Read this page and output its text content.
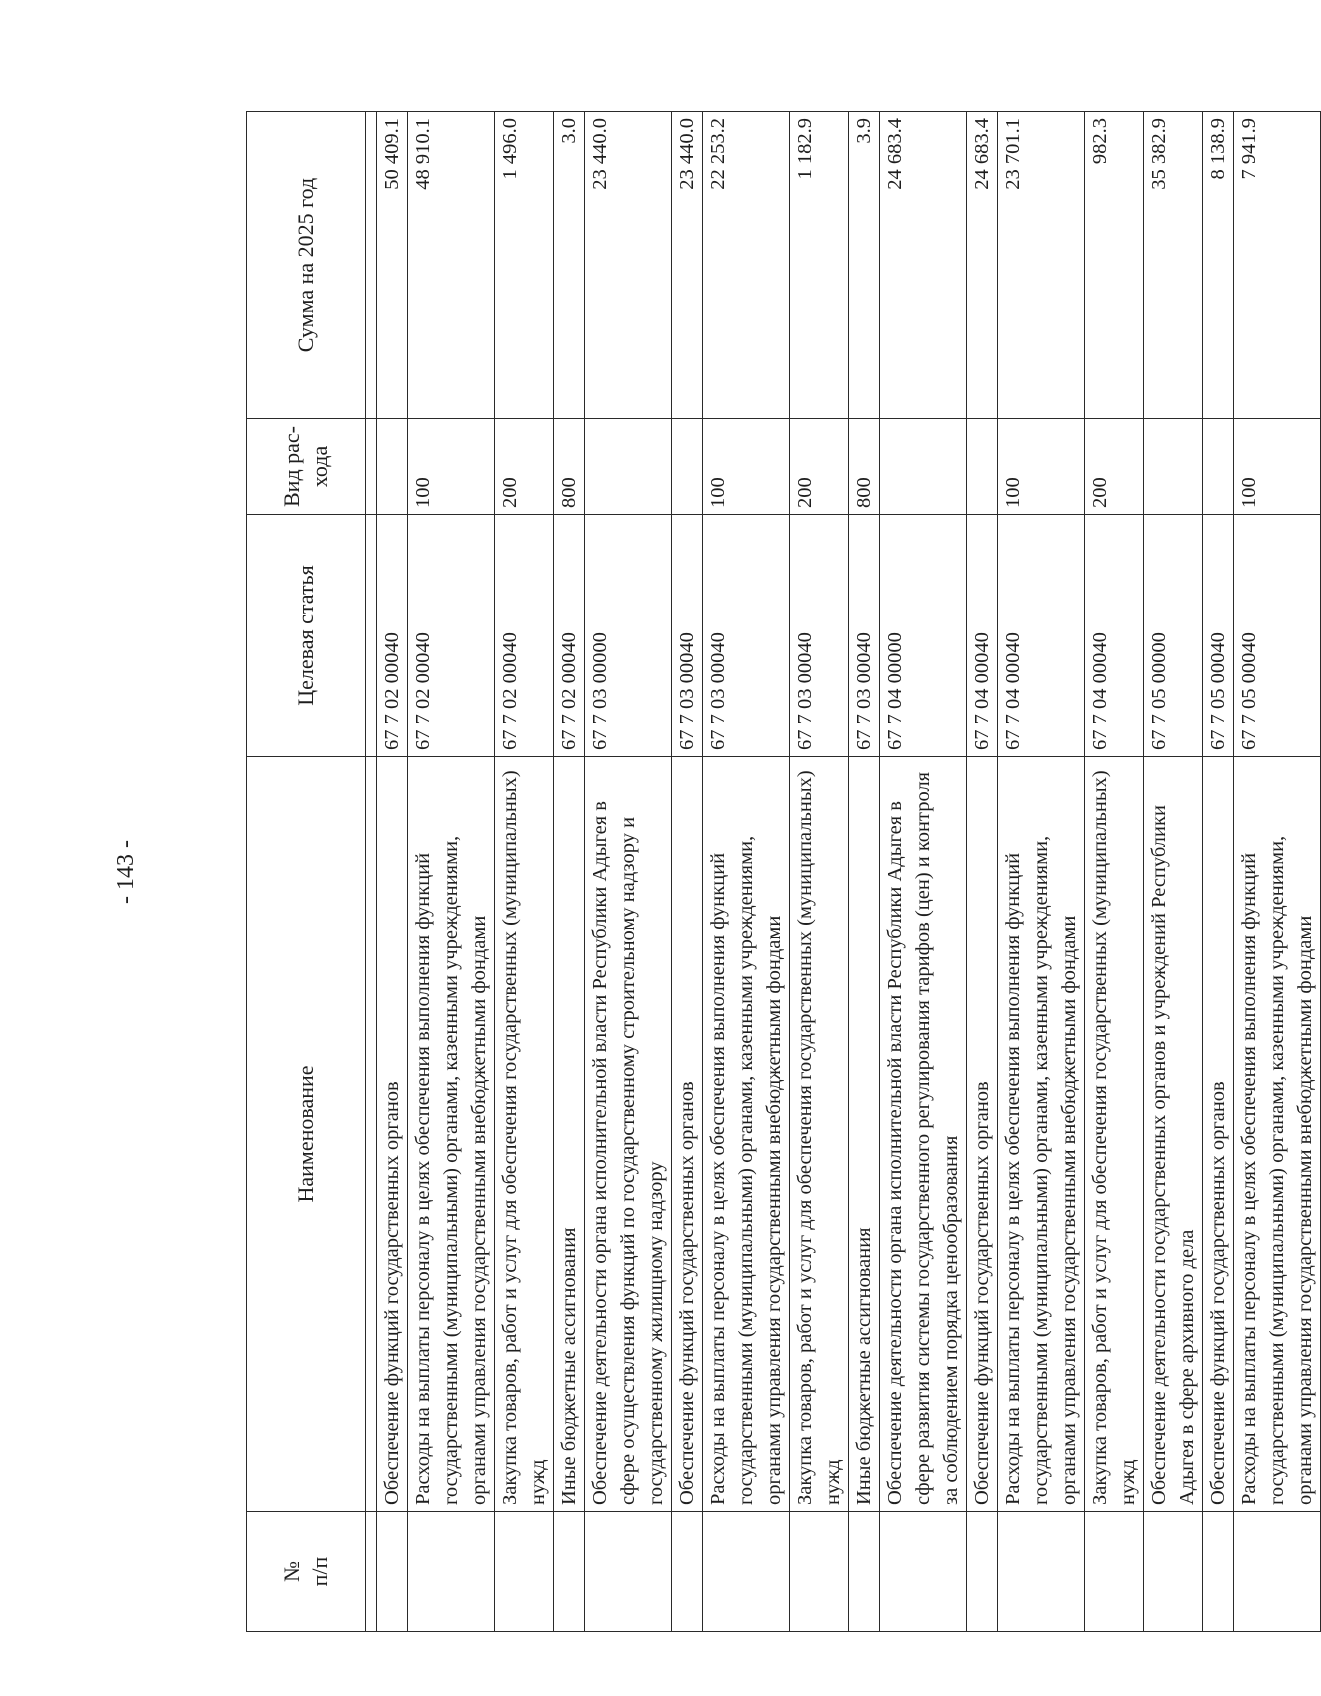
- 143 -
№
п/п	Наименование	Целевая статья	Вид рас-хода	Сумма на 2025 год

	Обеспечение функций государственных органов	67 7 02 00040		50 409.1
	Расходы на выплаты персоналу в целях обеспечения выполнения функций государственными (муниципальными) органами, казенными учреждениями, органами управления государственными внебюджетными фондами	67 7 02 00040	100	48 910.1
	Закупка товаров, работ и услуг для обеспечения государственных (муниципальных) нужд	67 7 02 00040	200	1 496.0
	Иные бюджетные ассигнования	67 7 02 00040	800	3.0
	Обеспечение деятельности органа исполнительной власти Республики Адыгея в сфере осуществления функций по государственному строительному надзору и государственному жилищному надзору	67 7 03 00000		23 440.0
	Обеспечение функций государственных органов	67 7 03 00040		23 440.0
	Расходы на выплаты персоналу в целях обеспечения выполнения функций государственными (муниципальными) органами, казенными учреждениями, органами управления государственными внебюджетными фондами	67 7 03 00040	100	22 253.2
	Закупка товаров, работ и услуг для обеспечения государственных (муниципальных) нужд	67 7 03 00040	200	1 182.9
	Иные бюджетные ассигнования	67 7 03 00040	800	3.9
	Обеспечение деятельности органа исполнительной власти Республики Адыгея в сфере развития системы государственного регулирования тарифов (цен) и контроля за соблюдением порядка ценообразования	67 7 04 00000		24 683.4
	Обеспечение функций государственных органов	67 7 04 00040		24 683.4
	Расходы на выплаты персоналу в целях обеспечения выполнения функций государственными (муниципальными) органами, казенными учреждениями, органами управления государственными внебюджетными фондами	67 7 04 00040	100	23 701.1
	Закупка товаров, работ и услуг для обеспечения государственных (муниципальных) нужд	67 7 04 00040	200	982.3
	Обеспечение деятельности государственных органов и учреждений Республики Адыгея в сфере архивного дела	67 7 05 00000		35 382.9
	Обеспечение функций государственных органов	67 7 05 00040		8 138.9
	Расходы на выплаты персоналу в целях обеспечения выполнения функций государственными (муниципальными) органами, казенными учреждениями, органами управления государственными внебюджетными фондами	67 7 05 00040	100	7 941.9
